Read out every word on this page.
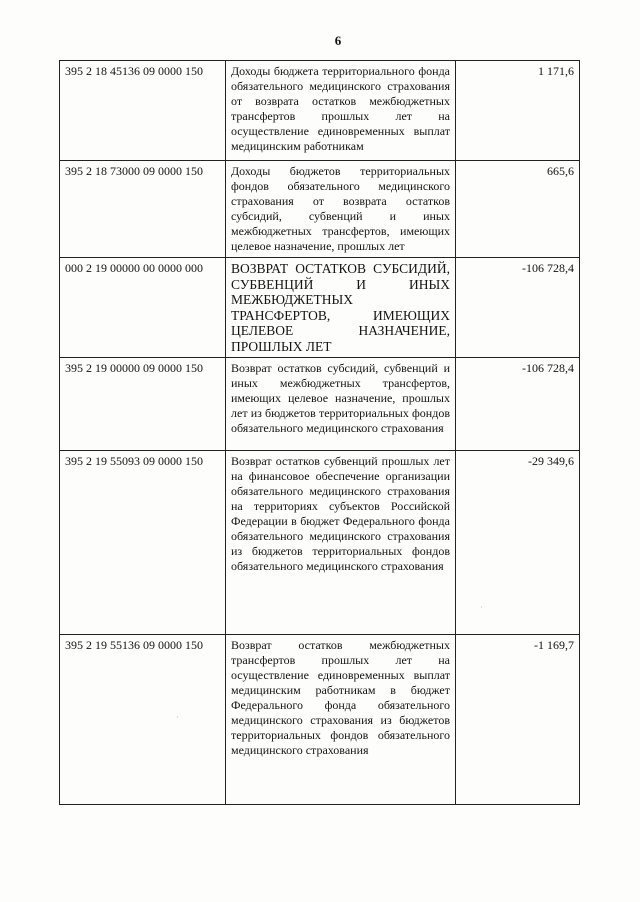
6
395 2 18 45136 09 0000 150	Доходы бюджета территориального фонда обязательного медицинского страхования от возврата остатков межбюджетных трансфертов прошлых лет на осуществление единовременных выплат медицинским работникам	1 171,6
395 2 18 73000 09 0000 150	Доходы бюджетов территориальных фондов обязательного медицинского страхования от возврата остатков субсидий, субвенций и иных межбюджетных трансфертов, имеющих целевое назначение, прошлых лет	665,6
000 2 19 00000 00 0000 000	ВОЗВРАТ ОСТАТКОВ СУБСИДИЙ, СУБВЕНЦИЙ И ИНЫХ МЕЖБЮДЖЕТНЫХ ТРАНСФЕРТОВ, ИМЕЮЩИХ ЦЕЛЕВОЕ НАЗНАЧЕНИЕ, ПРОШЛЫХ ЛЕТ	-106 728,4
395 2 19 00000 09 0000 150	Возврат остатков субсидий, субвенций и иных межбюджетных трансфертов, имеющих целевое назначение, прошлых лет из бюджетов территориальных фондов обязательного медицинского страхования	-106 728,4
395 2 19 55093 09 0000 150	Возврат остатков субвенций прошлых лет на финансовое обеспечение организации обязательного медицинского страхования на территориях субъектов Российской Федерации в бюджет Федерального фонда обязательного медицинского страхования из бюджетов территориальных фондов обязательного медицинского страхования	-29 349,6
395 2 19 55136 09 0000 150	Возврат остатков межбюджетных трансфертов прошлых лет на осуществление единовременных выплат медицинским работникам в бюджет Федерального фонда обязательного медицинского страхования из бюджетов территориальных фондов обязательного медицинского страхования	-1 169,7
·
·
